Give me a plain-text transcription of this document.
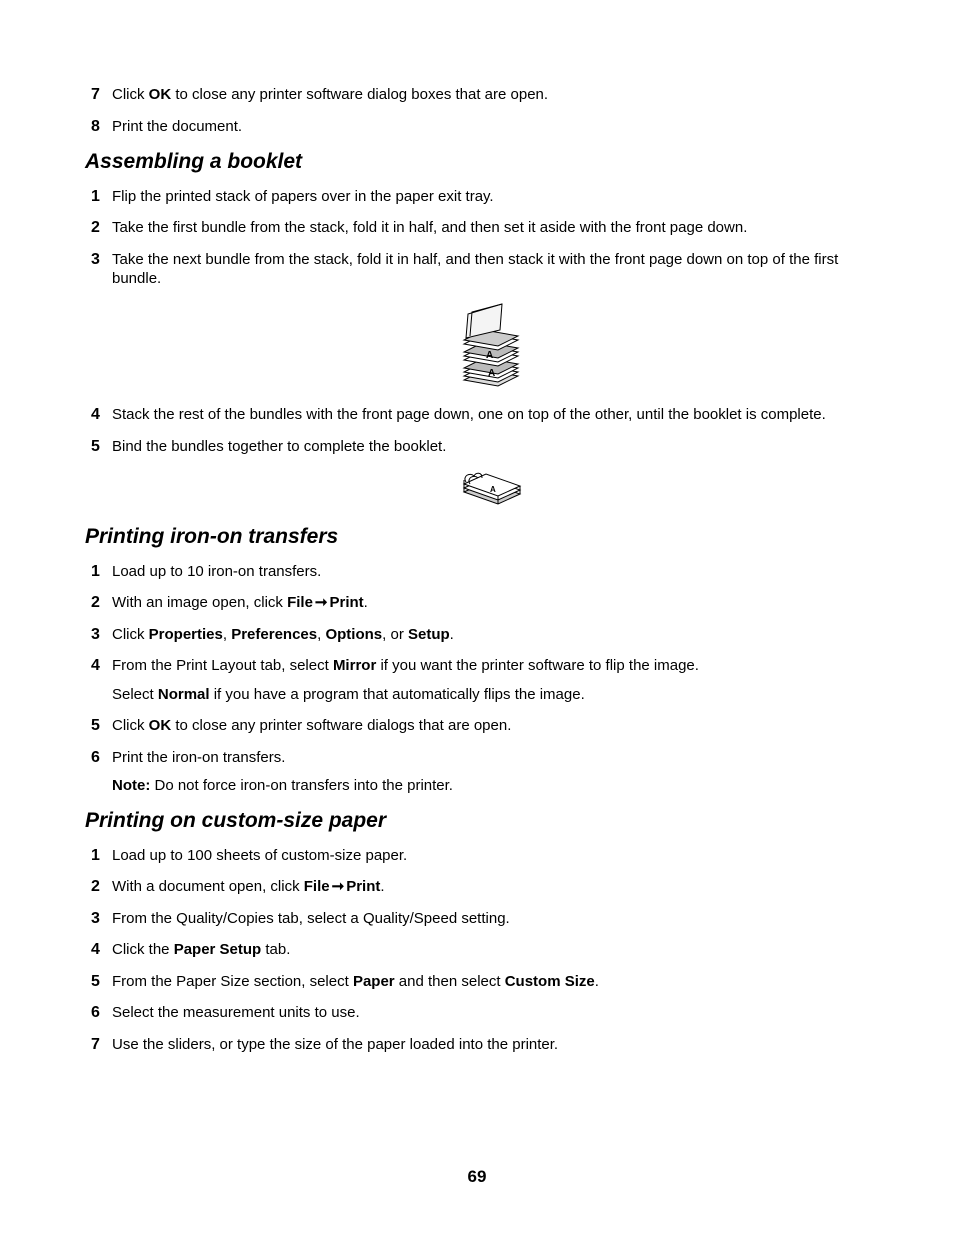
7 Click OK to close any printer software dialog boxes that are open.
8 Print the document.
Assembling a booklet
1 Flip the printed stack of papers over in the paper exit tray.
2 Take the first bundle from the stack, fold it in half, and then set it aside with the front page down.
3 Take the next bundle from the stack, fold it in half, and then stack it with the front page down on top of the first bundle.
A
A
4 Stack the rest of the bundles with the front page down, one on top of the other, until the booklet is complete.
5 Bind the bundles together to complete the booklet.
A
Printing iron-on transfers
1 Load up to 10 iron-on transfers.
2 With an image open, click File ➞ Print.
3 Click Properties, Preferences, Options, or Setup.
4 From the Print Layout tab, select Mirror if you want the printer software to flip the image.
Select Normal if you have a program that automatically flips the image.
5 Click OK to close any printer software dialogs that are open.
6 Print the iron-on transfers.
Note: Do not force iron-on transfers into the printer.
Printing on custom-size paper
1 Load up to 100 sheets of custom-size paper.
2 With a document open, click File ➞ Print.
3 From the Quality/Copies tab, select a Quality/Speed setting.
4 Click the Paper Setup tab.
5 From the Paper Size section, select Paper and then select Custom Size.
6 Select the measurement units to use.
7 Use the sliders, or type the size of the paper loaded into the printer.
69
